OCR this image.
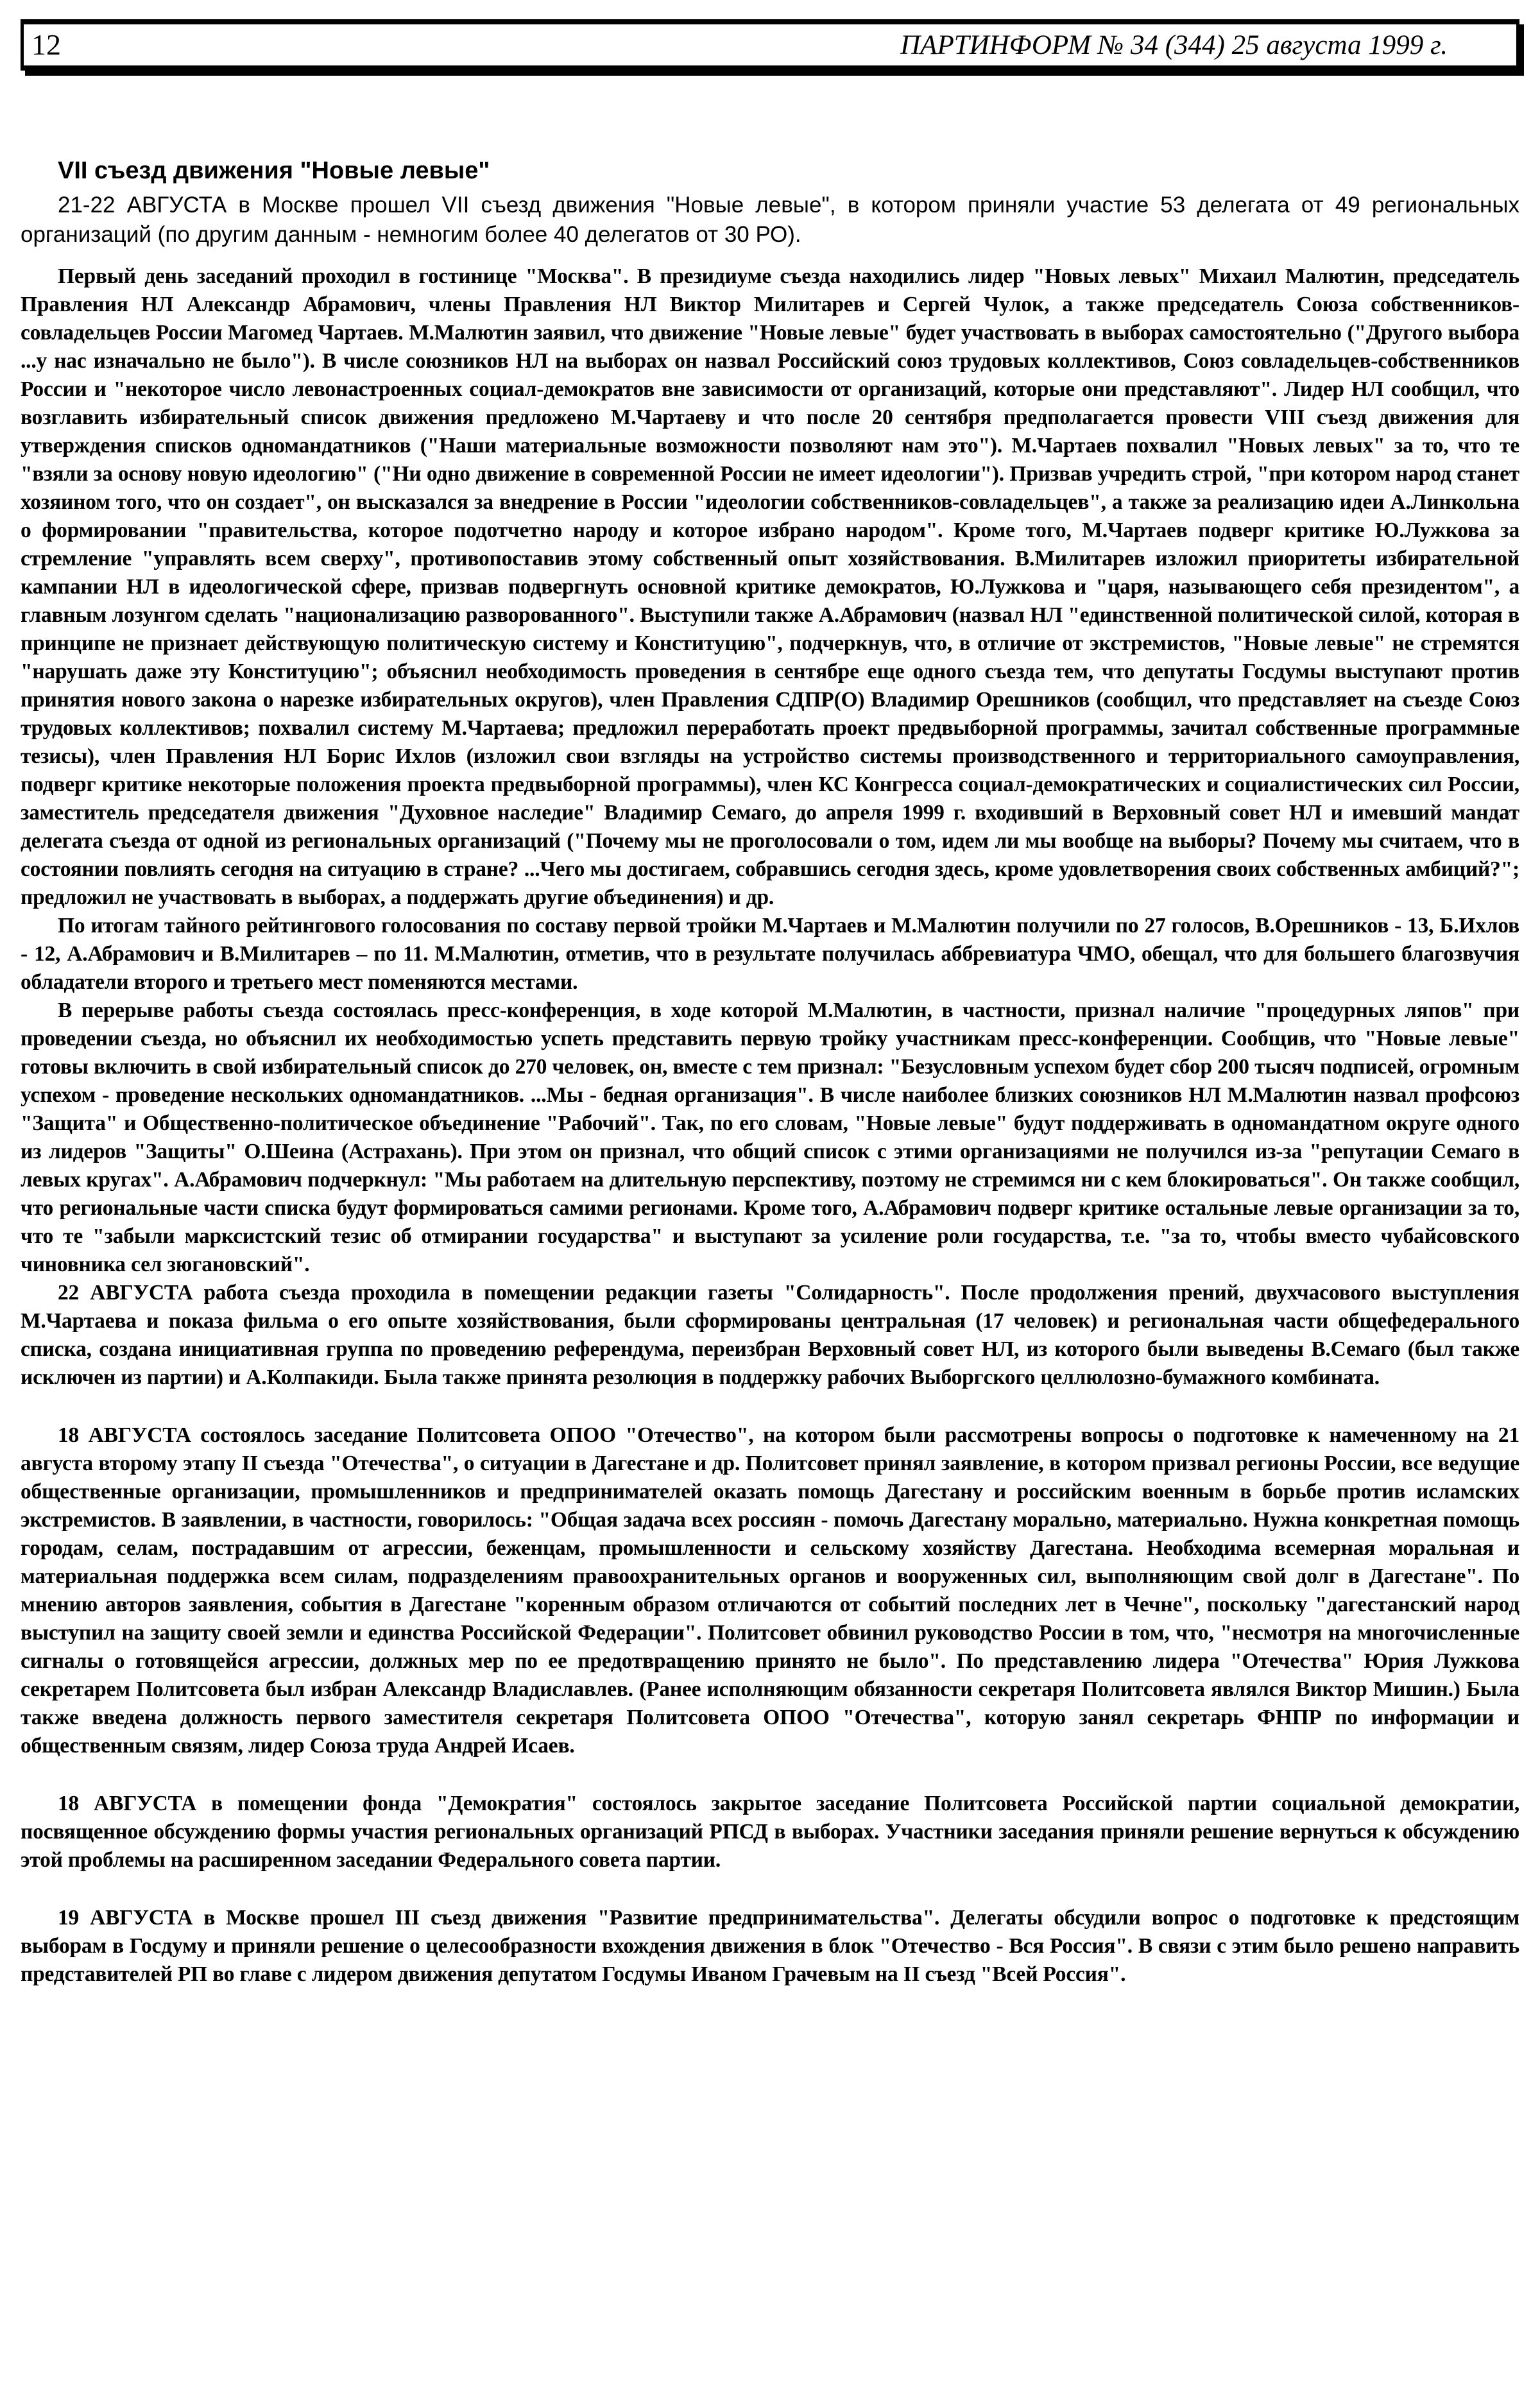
12	ПАРТИНФОРМ № 34 (344) 25 августа 1999 г.
VII съезд движения "Новые левые"

21-22 АВГУСТА в Москве прошел VII съезд движения "Новые левые", в котором приняли участие 53 делегата от 49 региональных организаций (по другим данным - немногим более 40 делегатов от 30 РО).

Первый день заседаний проходил в гостинице "Москва". В президиуме съезда находились лидер "Новых левых" Михаил Малютин, председатель Правления НЛ Александр Абрамович, члены Правления НЛ Виктор Милитарев и Сергей Чулок, а также председатель Союза собственников-совладельцев России Магомед Чартаев. М.Малютин заявил, что движение "Новые левые" будет участвовать в выборах самостоятельно ("Другого выбора ...у нас изначально не было"). В числе союзников НЛ на выборах он назвал Российский союз трудовых коллективов, Союз совладельцев-собственников России и "некоторое число левонастроенных социал-демократов вне зависимости от организаций, которые они представляют". Лидер НЛ сообщил, что возглавить избирательный список движения предложено М.Чартаеву и что после 20 сентября предполагается провести VIII съезд движения для утверждения списков одномандатников ("Наши материальные возможности позволяют нам это"). М.Чартаев похвалил "Новых левых" за то, что те "взяли за основу новую идеологию" ("Ни одно движение в современной России не имеет идеологии"). Призвав учредить строй, "при котором народ станет хозяином того, что он создает", он высказался за внедрение в России "идеологии собственников-совладельцев", а также за реализацию идеи А.Линкольна о формировании "правительства, которое подотчетно народу и которое избрано народом". Кроме того, М.Чартаев подверг критике Ю.Лужкова за стремление "управлять всем сверху", противопоставив этому собственный опыт хозяйствования. В.Милитарев изложил приоритеты избирательной кампании НЛ в идеологической сфере, призвав подвергнуть основной критике демократов, Ю.Лужкова и "царя, называющего себя президентом", а главным лозунгом сделать "национализацию разворованного". Выступили также А.Абрамович (назвал НЛ "единственной политической силой, которая в принципе не признает действующую политическую систему и Конституцию", подчеркнув, что, в отличие от экстремистов, "Новые левые" не стремятся "нарушать даже эту Конституцию"; объяснил необходимость проведения в сентябре еще одного съезда тем, что депутаты Госдумы выступают против принятия нового закона о нарезке избирательных округов), член Правления СДПР(О) Владимир Орешников (сообщил, что представляет на съезде Союз трудовых коллективов; похвалил систему М.Чартаева; предложил переработать проект предвыборной программы, зачитал собственные программные тезисы), член Правления НЛ Борис Ихлов (изложил свои взгляды на устройство системы производственного и территориального самоуправления, подверг критике некоторые положения проекта предвыборной программы), член КС Конгресса социал-демократических и социалистических сил России, заместитель председателя движения "Духовное наследие" Владимир Семаго, до апреля 1999 г. входивший в Верховный совет НЛ и имевший мандат делегата съезда от одной из региональных организаций ("Почему мы не проголосовали о том, идем ли мы вообще на выборы? Почему мы считаем, что в состоянии повлиять сегодня на ситуацию в стране? ...Чего мы достигаем, собравшись сегодня здесь, кроме удовлетворения своих собственных амбиций?"; предложил не участвовать в выборах, а поддержать другие объединения) и др.

По итогам тайного рейтингового голосования по составу первой тройки М.Чартаев и М.Малютин получили по 27 голосов, В.Орешников - 13, Б.Ихлов - 12, А.Абрамович и В.Милитарев – по 11. М.Малютин, отметив, что в результате получилась аббревиатура ЧМО, обещал, что для большего благозвучия обладатели второго и третьего мест поменяются местами.

В перерыве работы съезда состоялась пресс-конференция, в ходе которой М.Малютин, в частности, признал наличие "процедурных ляпов" при проведении съезда, но объяснил их необходимостью успеть представить первую тройку участникам пресс-конференции. Сообщив, что "Новые левые" готовы включить в свой избирательный список до 270 человек, он, вместе с тем признал: "Безусловным успехом будет сбор 200 тысяч подписей, огромным успехом - проведение нескольких одномандатников. ...Мы - бедная организация". В числе наиболее близких союзников НЛ М.Малютин назвал профсоюз "Защита" и Общественно-политическое объединение "Рабочий". Так, по его словам, "Новые левые" будут поддерживать в одномандатном округе одного из лидеров "Защиты" О.Шеина (Астрахань). При этом он признал, что общий список с этими организациями не получился из-за "репутации Семаго в левых кругах". А.Абрамович подчеркнул: "Мы работаем на длительную перспективу, поэтому не стремимся ни с кем блокироваться". Он также сообщил, что региональные части списка будут формироваться самими регионами. Кроме того, А.Абрамович подверг критике остальные левые организации за то, что те "забыли марксистский тезис об отмирании государства" и выступают за усиление роли государства, т.е. "за то, чтобы вместо чубайсовского чиновника сел зюгановский".

22 АВГУСТА работа съезда проходила в помещении редакции газеты "Солидарность". После продолжения прений, двухчасового выступления М.Чартаева и показа фильма о его опыте хозяйствования, были сформированы центральная (17 человек) и региональная части общефедерального списка, создана инициативная группа по проведению референдума, переизбран Верховный совет НЛ, из которого были выведены В.Семаго (был также исключен из партии) и А.Колпакиди. Была также принята резолюция в поддержку рабочих Выборгского целлюлозно-бумажного комбината.

18 АВГУСТА состоялось заседание Политсовета ОПОО "Отечество", на котором были рассмотрены вопросы о подготовке к намеченному на 21 августа второму этапу II съезда "Отечества", о ситуации в Дагестане и др. Политсовет принял заявление, в котором призвал регионы России, все ведущие общественные организации, промышленников и предпринимателей оказать помощь Дагестану и российским военным в борьбе против исламских экстремистов. В заявлении, в частности, говорилось: "Общая задача всех россиян - помочь Дагестану морально, материально. Нужна конкретная помощь городам, селам, пострадавшим от агрессии, беженцам, промышленности и сельскому хозяйству Дагестана. Необходима всемерная моральная и материальная поддержка всем силам, подразделениям правоохранительных органов и вооруженных сил, выполняющим свой долг в Дагестане". По мнению авторов заявления, события в Дагестане "коренным образом отличаются от событий последних лет в Чечне", поскольку "дагестанский народ выступил на защиту своей земли и единства Российской Федерации". Политсовет обвинил руководство России в том, что, "несмотря на многочисленные сигналы о готовящейся агрессии, должных мер по ее предотвращению принято не было". По представлению лидера "Отечества" Юрия Лужкова секретарем Политсовета был избран Александр Владиславлев. (Ранее исполняющим обязанности секретаря Политсовета являлся Виктор Мишин.) Была также введена должность первого заместителя секретаря Политсовета ОПОО "Отечества", которую занял секретарь ФНПР по информации и общественным связям, лидер Союза труда Андрей Исаев.

18 АВГУСТА в помещении фонда "Демократия" состоялось закрытое заседание Политсовета Российской партии социальной демократии, посвященное обсуждению формы участия региональных организаций РПСД в выборах. Участники заседания приняли решение вернуться к обсуждению этой проблемы на расширенном заседании Федерального совета партии.

19 АВГУСТА в Москве прошел III съезд движения "Развитие предпринимательства". Делегаты обсудили вопрос о подготовке к предстоящим выборам в Госдуму и приняли решение о целесообразности вхождения движения в блок "Отечество - Вся Россия". В связи с этим было решено направить представителей РП во главе с лидером движения депутатом Госдумы Иваном Грачевым на II съезд "Всей Россия".
